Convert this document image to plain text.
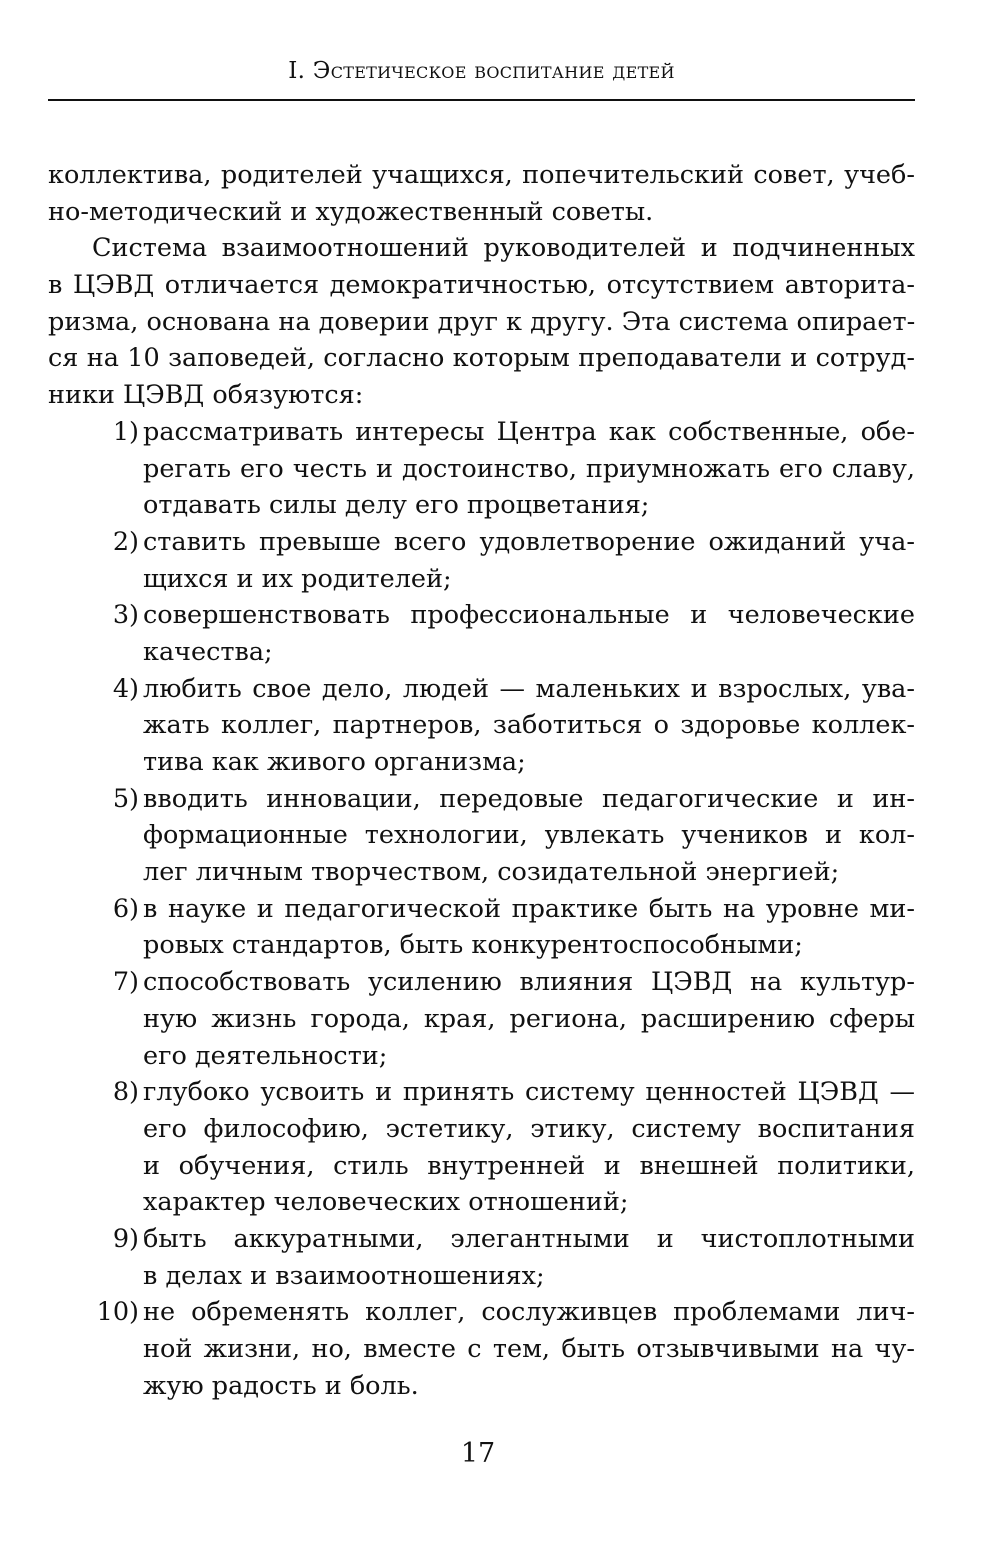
I. Эстетическое воспитание детей
коллектива, родителей учащихся, попечительский совет, учеб-
но-методический и художественный советы.
Система взаимоотношений руководителей и подчиненных
в ЦЭВД отличается демократичностью, отсутствием авторита-
ризма, основана на доверии друг к другу. Эта система опирает-
ся на 10 заповедей, согласно которым преподаватели и сотруд-
ники ЦЭВД обязуются:
1) рассматривать интересы Центра как собственные, обе-
регать его честь и достоинство, приумножать его славу,
отдавать силы делу его процветания;
2) ставить превыше всего удовлетворение ожиданий уча-
щихся и их родителей;
3) совершенствовать профессиональные и человеческие
качества;
4) любить свое дело, людей — маленьких и взрослых, ува-
жать коллег, партнеров, заботиться о здоровье коллек-
тива как живого организма;
5) вводить инновации, передовые педагогические и ин-
формационные технологии, увлекать учеников и кол-
лег личным творчеством, созидательной энергией;
6) в науке и педагогической практике быть на уровне ми-
ровых стандартов, быть конкурентоспособными;
7) способствовать усилению влияния ЦЭВД на культур-
ную жизнь города, края, региона, расширению сферы
его деятельности;
8) глубоко усвоить и принять систему ценностей ЦЭВД —
его философию, эстетику, этику, систему воспитания
и обучения, стиль внутренней и внешней политики,
характер человеческих отношений;
9) быть аккуратными, элегантными и чистоплотными
в делах и взаимоотношениях;
10) не обременять коллег, сослуживцев проблемами лич-
ной жизни, но, вместе с тем, быть отзывчивыми на чу-
жую радость и боль.
17
